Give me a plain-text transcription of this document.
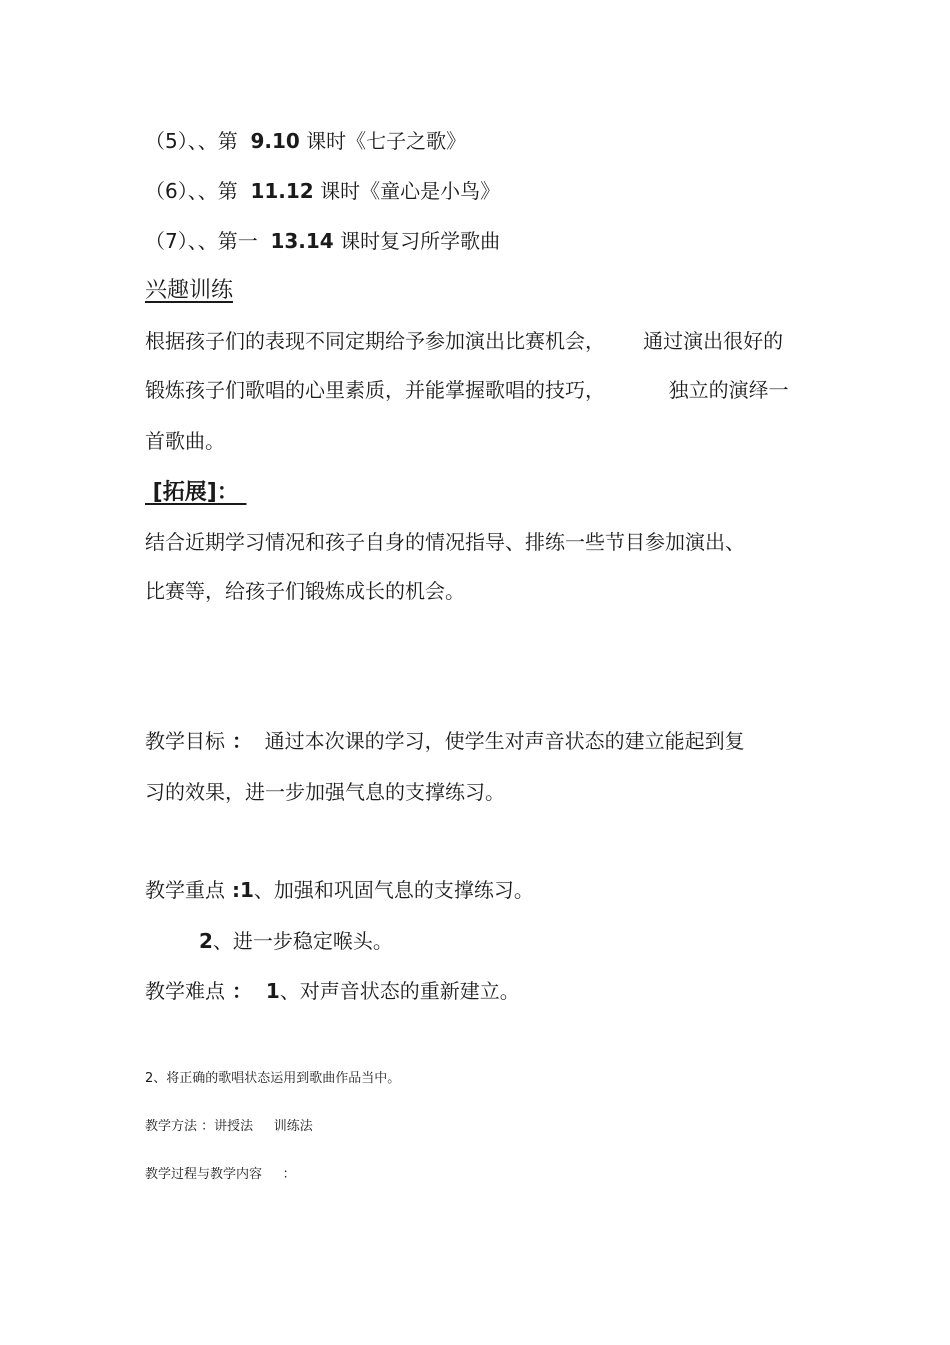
（5）、、第  9.10 课时《七子之歌》
（6）、、第  11.12 课时《童心是小鸟》
（7）、、第一  13.14 课时复习所学歌曲
兴趣训练
根据孩子们的表现不同定期给予参加演出比赛机会，      通过演出很好的
锻炼孩子们歌唱的心里素质，并能掌握歌唱的技巧，          独立的演绎一
首歌曲。
[拓展]：
结合近期学习情况和孩子自身的情况指导、排练一些节目参加演出、
比赛等，给孩子们锻炼成长的机会。
教学目标 ：  通过本次课的学习，使学生对声音状态的建立能起到复
习的效果，进一步加强气息的支撑练习。
教学重点 :1、加强和巩固气息的支撑练习。
2、进一步稳定喉头。
教学难点 ：  1、对声音状态的重新建立。
2、将正确的歌唱状态运用到歌曲作品当中。
教学方法 ：讲授法     训练法
教学过程与教学内容     ：
